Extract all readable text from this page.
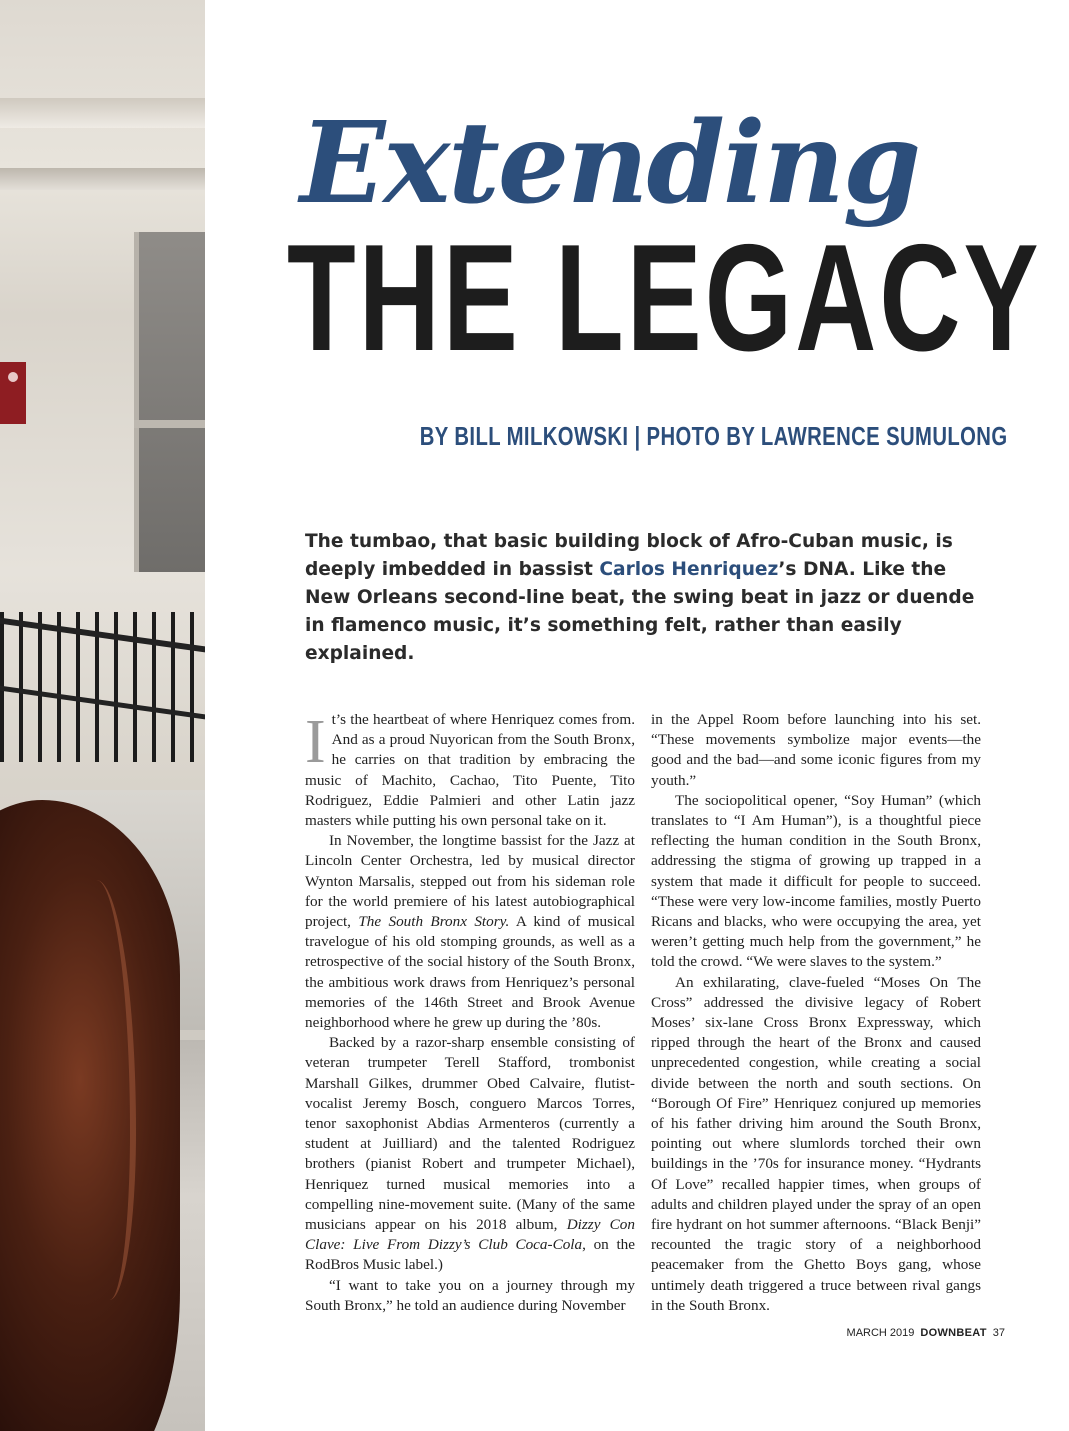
Extending
THE LEGACY

BY BILL MILKOWSKI | PHOTO BY LAWRENCE SUMULONG

The tumbao, that basic building block of Afro-Cuban music, is deeply imbedded in bassist Carlos Henriquez’s DNA. Like the New Orleans second-line beat, the swing beat in jazz or duende in flamenco music, it’s something felt, rather than easily explained.

It’s the heartbeat of where Henriquez comes from. And as a proud Nuyorican from the South Bronx, he carries on that tradition by embracing the music of Machito, Cachao, Tito Puente, Tito Rodriguez, Eddie Palmieri and other Latin jazz masters while putting his own personal take on it.

In November, the longtime bassist for the Jazz at Lincoln Center Orchestra, led by musical director Wynton Marsalis, stepped out from his sideman role for the world premiere of his latest autobiographical project, The South Bronx Story. A kind of musical travelogue of his old stomping grounds, as well as a retrospective of the social history of the South Bronx, the ambitious work draws from Henriquez’s personal memories of the 146th Street and Brook Avenue neighborhood where he grew up during the ’80s.

Backed by a razor-sharp ensemble consisting of veteran trumpeter Terell Stafford, trombonist Marshall Gilkes, drummer Obed Calvaire, flutist-vocalist Jeremy Bosch, conguero Marcos Torres, tenor saxophonist Abdias Armenteros (currently a student at Juilliard) and the talented Rodriguez brothers (pianist Robert and trumpeter Michael), Henriquez turned musical memories into a compelling nine-movement suite. (Many of the same musicians appear on his 2018 album, Dizzy Con Clave: Live From Dizzy’s Club Coca-Cola, on the RodBros Music label.)

“I want to take you on a journey through my South Bronx,” he told an audience during November

in the Appel Room before launching into his set. “These movements symbolize major events—the good and the bad—and some iconic figures from my youth.”

The sociopolitical opener, “Soy Human” (which translates to “I Am Human”), is a thoughtful piece reflecting the human condition in the South Bronx, addressing the stigma of growing up trapped in a system that made it difficult for people to succeed. “These were very low-income families, mostly Puerto Ricans and blacks, who were occupying the area, yet weren’t getting much help from the government,” he told the crowd. “We were slaves to the system.”

An exhilarating, clave-fueled “Moses On The Cross” addressed the divisive legacy of Robert Moses’ six-lane Cross Bronx Expressway, which ripped through the heart of the Bronx and caused unprecedented congestion, while creating a social divide between the north and south sections. On “Borough Of Fire” Henriquez conjured up memories of his father driving him around the South Bronx, pointing out where slumlords torched their own buildings in the ’70s for insurance money. “Hydrants Of Love” recalled happier times, when groups of adults and children played under the spray of an open fire hydrant on hot summer afternoons. “Black Benji” recounted the tragic story of a neighborhood peacemaker from the Ghetto Boys gang, whose untimely death triggered a truce between rival gangs in the South Bronx.

MARCH 2019 DOWNBEAT 37
